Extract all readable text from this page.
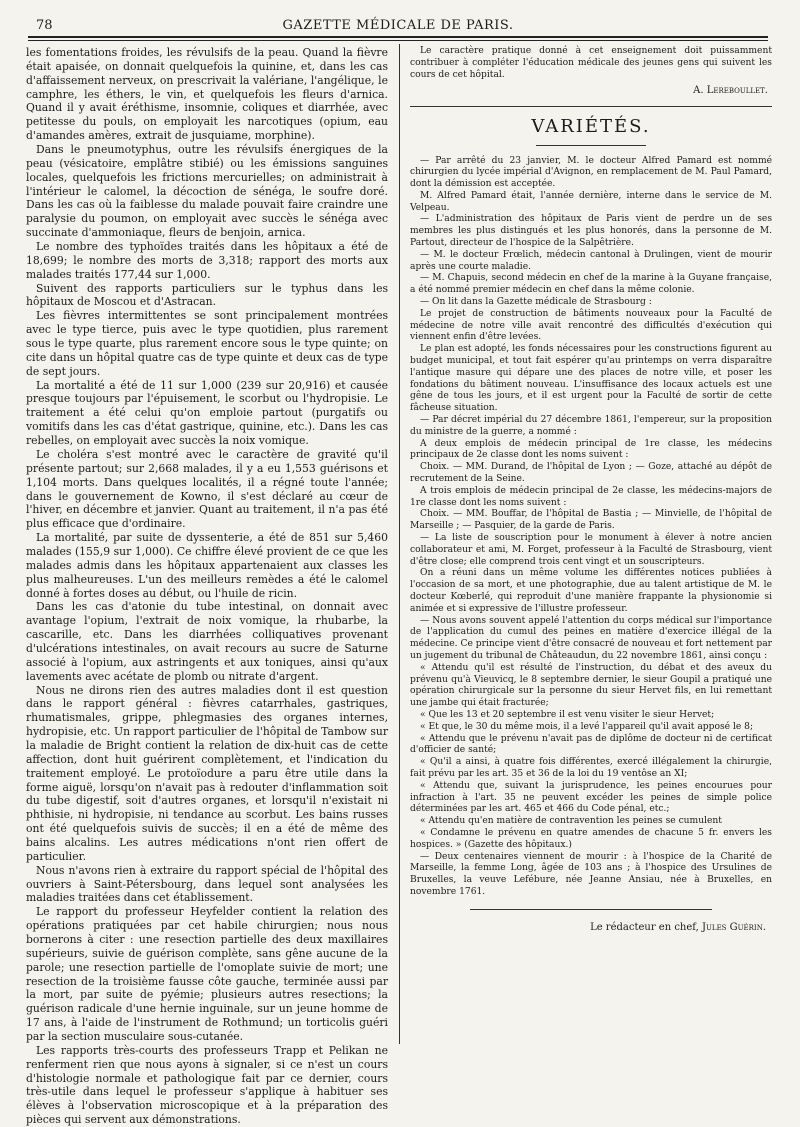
78	GAZETTE MÉDICALE DE PARIS.

les fomentations froides, les révulsifs de la peau. Quand la fièvre était apaisée, on donnait quelquefois la quinine, et, dans les cas d'affaissement nerveux, on prescrivait la valériane, l'angélique, le camphre, les éthers, le vin, et quelquefois les fleurs d'arnica. Quand il y avait éréthisme, insomnie, coliques et diarrhée, avec petitesse du pouls, on employait les narcotiques (opium, eau d'amandes amères, extrait de jusquiame, morphine).

Dans le pneumotyphus, outre les révulsifs énergiques de la peau (vésicatoire, emplâtre stibié) ou les émissions sanguines locales, quelquefois les frictions mercurielles; on administrait à l'intérieur le calomel, la décoction de sénéga, le soufre doré. Dans les cas où la faiblesse du malade pouvait faire craindre une paralysie du poumon, on employait avec succès le sénéga avec succinate d'ammoniaque, fleurs de benjoin, arnica.

Le nombre des typhoïdes traités dans les hôpitaux a été de 18,699; le nombre des morts de 3,318; rapport des morts aux malades traités 177,44 sur 1,000.

Suivent des rapports particuliers sur le typhus dans les hôpitaux de Moscou et d'Astracan.

Les fièvres intermittentes se sont principalement montrées avec le type tierce, puis avec le type quotidien, plus rarement sous le type quarte, plus rarement encore sous le type quinte; on cite dans un hôpital quatre cas de type quinte et deux cas de type de sept jours.

La mortalité a été de 11 sur 1,000 (239 sur 20,916) et causée presque toujours par l'épuisement, le scorbut ou l'hydropisie. Le traitement a été celui qu'on emploie partout (purgatifs ou vomitifs dans les cas d'état gastrique, quinine, etc.). Dans les cas rebelles, on employait avec succès la noix vomique.

Le choléra s'est montré avec le caractère de gravité qu'il présente partout; sur 2,668 malades, il y a eu 1,553 guérisons et 1,104 morts. Dans quelques localités, il a régné toute l'année; dans le gouvernement de Kowno, il s'est déclaré au cœur de l'hiver, en décembre et janvier. Quant au traitement, il n'a pas été plus efficace que d'ordinaire.

La mortalité, par suite de dyssenterie, a été de 851 sur 5,460 malades (155,9 sur 1,000). Ce chiffre élevé provient de ce que les malades admis dans les hôpitaux appartenaient aux classes les plus malheureuses. L'un des meilleurs remèdes a été le calomel donné à fortes doses au début, ou l'huile de ricin.

Dans les cas d'atonie du tube intestinal, on donnait avec avantage l'opium, l'extrait de noix vomique, la rhubarbe, la cascarille, etc. Dans les diarrhées colliquatives provenant d'ulcérations intestinales, on avait recours au sucre de Saturne associé à l'opium, aux astringents et aux toniques, ainsi qu'aux lavements avec acétate de plomb ou nitrate d'argent.

Nous ne dirons rien des autres maladies dont il est question dans le rapport général : fièvres catarrhales, gastriques, rhumatismales, grippe, phlegmasies des organes internes, hydropisie, etc. Un rapport particulier de l'hôpital de Tambow sur la maladie de Bright contient la relation de dix-huit cas de cette affection, dont huit guérirent complètement, et l'indication du traitement employé. Le protoïodure a paru être utile dans la forme aiguë, lorsqu'on n'avait pas à redouter d'inflammation soit du tube digestif, soit d'autres organes, et lorsqu'il n'existait ni phthisie, ni hydropisie, ni tendance au scorbut. Les bains russes ont été quelquefois suivis de succès; il en a été de même des bains alcalins. Les autres médications n'ont rien offert de particulier.

Nous n'avons rien à extraire du rapport spécial de l'hôpital des ouvriers à Saint-Pétersbourg, dans lequel sont analysées les maladies traitées dans cet établissement.

Le rapport du professeur Heyfelder contient la relation des opérations pratiquées par cet habile chirurgien; nous nous bornerons à citer : une resection partielle des deux maxillaires supérieurs, suivie de guérison complète, sans gêne aucune de la parole; une resection partielle de l'omoplate suivie de mort; une resection de la troisième fausse côte gauche, terminée aussi par la mort, par suite de pyémie; plusieurs autres resections; la guérison radicale d'une hernie inguinale, sur un jeune homme de 17 ans, à l'aide de l'instrument de Rothmund; un torticolis guéri par la section musculaire sous-cutanée.

Les rapports très-courts des professeurs Trapp et Pelikan ne renferment rien que nous ayons à signaler, si ce n'est un cours d'histologie normale et pathologique fait par ce dernier, cours très-utile dans lequel le professeur s'applique à habituer ses élèves à l'observation microscopique et à la préparation des pièces qui servent aux démonstrations.

Le caractère pratique donné à cet enseignement doit puissamment contribuer à compléter l'éducation médicale des jeunes gens qui suivent les cours de cet hôpital.

A. Lereboullet.

VARIÉTÉS.

— Par arrêté du 23 janvier, M. le docteur Alfred Pamard est nommé chirurgien du lycée impérial d'Avignon, en remplacement de M. Paul Pamard, dont la démission est acceptée.

M. Alfred Pamard était, l'année dernière, interne dans le service de M. Velpeau.

— L'administration des hôpitaux de Paris vient de perdre un de ses membres les plus distingués et les plus honorés, dans la personne de M. Partout, directeur de l'hospice de la Salpêtrière.

— M. le docteur Frœlich, médecin cantonal à Drulingen, vient de mourir après une courte maladie.

— M. Chapuis, second médecin en chef de la marine à la Guyane française, a été nommé premier médecin en chef dans la même colonie.

— On lit dans la Gazette médicale de Strasbourg :

Le projet de construction de bâtiments nouveaux pour la Faculté de médecine de notre ville avait rencontré des difficultés d'exécution qui viennent enfin d'être levées.

Le plan est adopté, les fonds nécessaires pour les constructions figurent au budget municipal, et tout fait espérer qu'au printemps on verra disparaître l'antique masure qui dépare une des places de notre ville, et poser les fondations du bâtiment nouveau. L'insuffisance des locaux actuels est une gêne de tous les jours, et il est urgent pour la Faculté de sortir de cette fâcheuse situation.

— Par décret impérial du 27 décembre 1861, l'empereur, sur la proposition du ministre de la guerre, a nommé :

A deux emplois de médecin principal de 1re classe, les médecins principaux de 2e classe dont les noms suivent :

Choix. — MM. Durand, de l'hôpital de Lyon ; — Goze, attaché au dépôt de recrutement de la Seine.

A trois emplois de médecin principal de 2e classe, les médecins-majors de 1re classe dont les noms suivent :

Choix. — MM. Bouffar, de l'hôpital de Bastia ; — Minvielle, de l'hôpital de Marseille ; — Pasquier, de la garde de Paris.

— La liste de souscription pour le monument à élever à notre ancien collaborateur et ami, M. Forget, professeur à la Faculté de Strasbourg, vient d'être close; elle comprend trois cent vingt et un souscripteurs.

On a réuni dans un même volume les différentes notices publiées à l'occasion de sa mort, et une photographie, due au talent artistique de M. le docteur Kœberlé, qui reproduit d'une manière frappante la physionomie si animée et si expressive de l'illustre professeur.

— Nous avons souvent appelé l'attention du corps médical sur l'importance de l'application du cumul des peines en matière d'exercice illégal de la médecine. Ce principe vient d'être consacré de nouveau et fort nettement par un jugement du tribunal de Châteaudun, du 22 novembre 1861, ainsi conçu :

« Attendu qu'il est résulté de l'instruction, du débat et des aveux du prévenu qu'à Vieuvicq, le 8 septembre dernier, le sieur Goupil a pratiqué une opération chirurgicale sur la personne du sieur Hervet fils, en lui remettant une jambe qui était fracturée;

« Que les 13 et 20 septembre il est venu visiter le sieur Hervet;

« Et que, le 30 du même mois, il a levé l'appareil qu'il avait apposé le 8;

« Attendu que le prévenu n'avait pas de diplôme de docteur ni de certificat d'officier de santé;

« Qu'il a ainsi, à quatre fois différentes, exercé illégalement la chirurgie, fait prévu par les art. 35 et 36 de la loi du 19 ventôse an XI;

« Attendu que, suivant la jurisprudence, les peines encourues pour infraction à l'art. 35 ne peuvent excéder les peines de simple police déterminées par les art. 465 et 466 du Code pénal, etc.;

« Attendu qu'en matière de contravention les peines se cumulent

« Condamne le prévenu en quatre amendes de chacune 5 fr. envers les hospices. » (Gazette des hôpitaux.)

— Deux centenaires viennent de mourir : à l'hospice de la Charité de Marseille, la femme Long, âgée de 103 ans ; à l'hospice des Ursulines de Bruxelles, la veuve Lefébure, née Jeanne Ansiau, née à Bruxelles, en novembre 1761.

Le rédacteur en chef, Jules Guérin.
